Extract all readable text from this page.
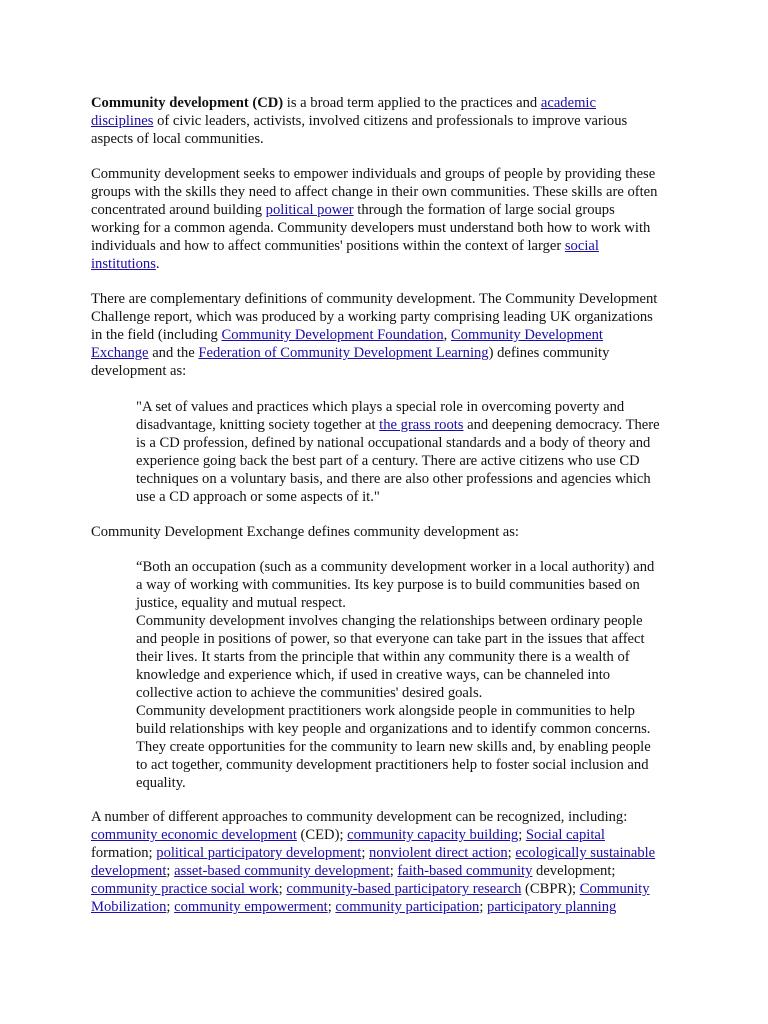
Community development (CD) is a broad term applied to the practices and academic
disciplines of civic leaders, activists, involved citizens and professionals to improve various
aspects of local communities.

Community development seeks to empower individuals and groups of people by providing these
groups with the skills they need to affect change in their own communities. These skills are often
concentrated around building political power through the formation of large social groups
working for a common agenda. Community developers must understand both how to work with
individuals and how to affect communities' positions within the context of larger social
institutions.

There are complementary definitions of community development. The Community Development
Challenge report, which was produced by a working party comprising leading UK organizations
in the field (including Community Development Foundation, Community Development
Exchange and the Federation of Community Development Learning) defines community
development as:

"A set of values and practices which plays a special role in overcoming poverty and
disadvantage, knitting society together at the grass roots and deepening democracy. There
is a CD profession, defined by national occupational standards and a body of theory and
experience going back the best part of a century. There are active citizens who use CD
techniques on a voluntary basis, and there are also other professions and agencies which
use a CD approach or some aspects of it."

Community Development Exchange defines community development as:

“Both an occupation (such as a community development worker in a local authority) and
a way of working with communities. Its key purpose is to build communities based on
justice, equality and mutual respect.
Community development involves changing the relationships between ordinary people
and people in positions of power, so that everyone can take part in the issues that affect
their lives. It starts from the principle that within any community there is a wealth of
knowledge and experience which, if used in creative ways, can be channeled into
collective action to achieve the communities' desired goals.
Community development practitioners work alongside people in communities to help
build relationships with key people and organizations and to identify common concerns.
They create opportunities for the community to learn new skills and, by enabling people
to act together, community development practitioners help to foster social inclusion and
equality.

A number of different approaches to community development can be recognized, including:
community economic development (CED); community capacity building; Social capital
formation; political participatory development; nonviolent direct action; ecologically sustainable
development; asset-based community development; faith-based community development;
community practice social work; community-based participatory research (CBPR); Community
Mobilization; community empowerment; community participation; participatory planning
